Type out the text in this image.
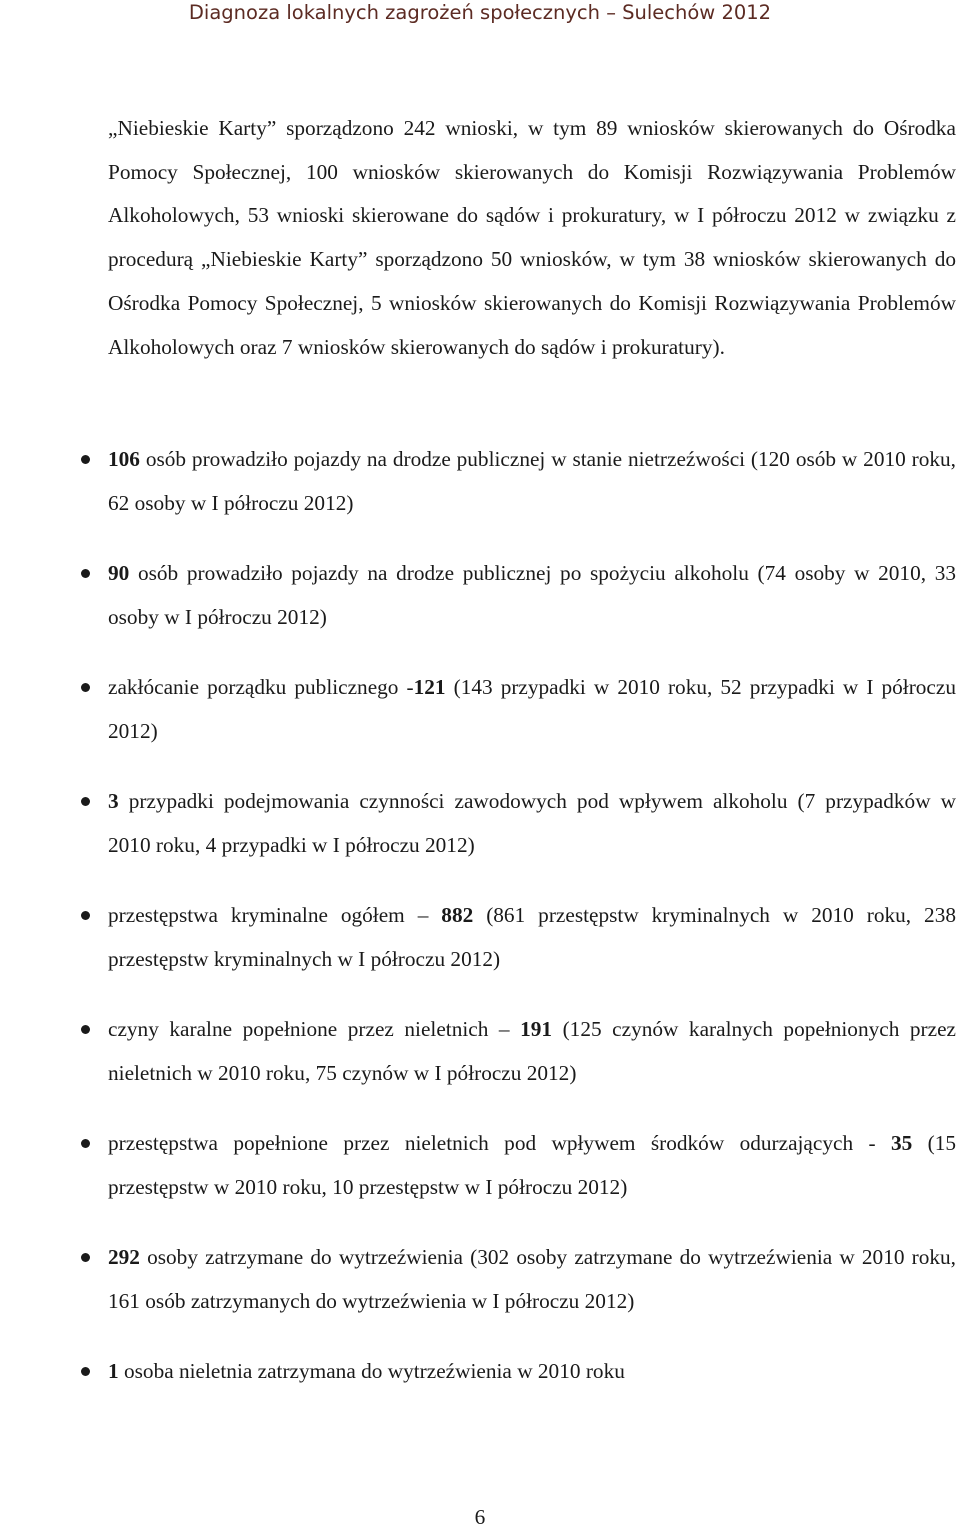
Diagnoza lokalnych zagrożeń społecznych – Sulechów 2012

„Niebieskie Karty” sporządzono 242 wnioski, w tym 89 wniosków skierowanych do Ośrodka Pomocy Społecznej, 100 wniosków skierowanych do Komisji Rozwiązywania Problemów Alkoholowych, 53 wnioski skierowane do sądów i prokuratury, w I półroczu 2012 w związku z procedurą „Niebieskie Karty” sporządzono 50 wniosków, w tym 38 wniosków skierowanych do Ośrodka Pomocy Społecznej, 5 wniosków skierowanych do Komisji Rozwiązywania Problemów Alkoholowych oraz 7 wniosków skierowanych do sądów i prokuratury).

106 osób prowadziło pojazdy na drodze publicznej w stanie nietrzeźwości (120 osób w 2010 roku, 62 osoby w I półroczu 2012)
90 osób prowadziło pojazdy na drodze publicznej po spożyciu alkoholu (74 osoby w 2010, 33 osoby w I półroczu 2012)
zakłócanie porządku publicznego -121 (143 przypadki w 2010 roku, 52 przypadki w I półroczu 2012)
3 przypadki podejmowania czynności zawodowych pod wpływem alkoholu (7 przypadków w 2010 roku, 4 przypadki w I półroczu 2012)
przestępstwa kryminalne ogółem – 882 (861 przestępstw kryminalnych w 2010 roku, 238 przestępstw kryminalnych w I półroczu 2012)
czyny karalne popełnione przez nieletnich – 191 (125 czynów karalnych popełnionych przez nieletnich w 2010 roku, 75 czynów w I półroczu 2012)
przestępstwa popełnione przez nieletnich pod wpływem środków odurzających - 35 (15 przestępstw w 2010 roku, 10 przestępstw w I półroczu 2012)
292 osoby zatrzymane do wytrzeźwienia (302 osoby zatrzymane do wytrzeźwienia w 2010 roku, 161 osób zatrzymanych do wytrzeźwienia w I półroczu 2012)
1 osoba nieletnia zatrzymana do wytrzeźwienia w 2010 roku
6
